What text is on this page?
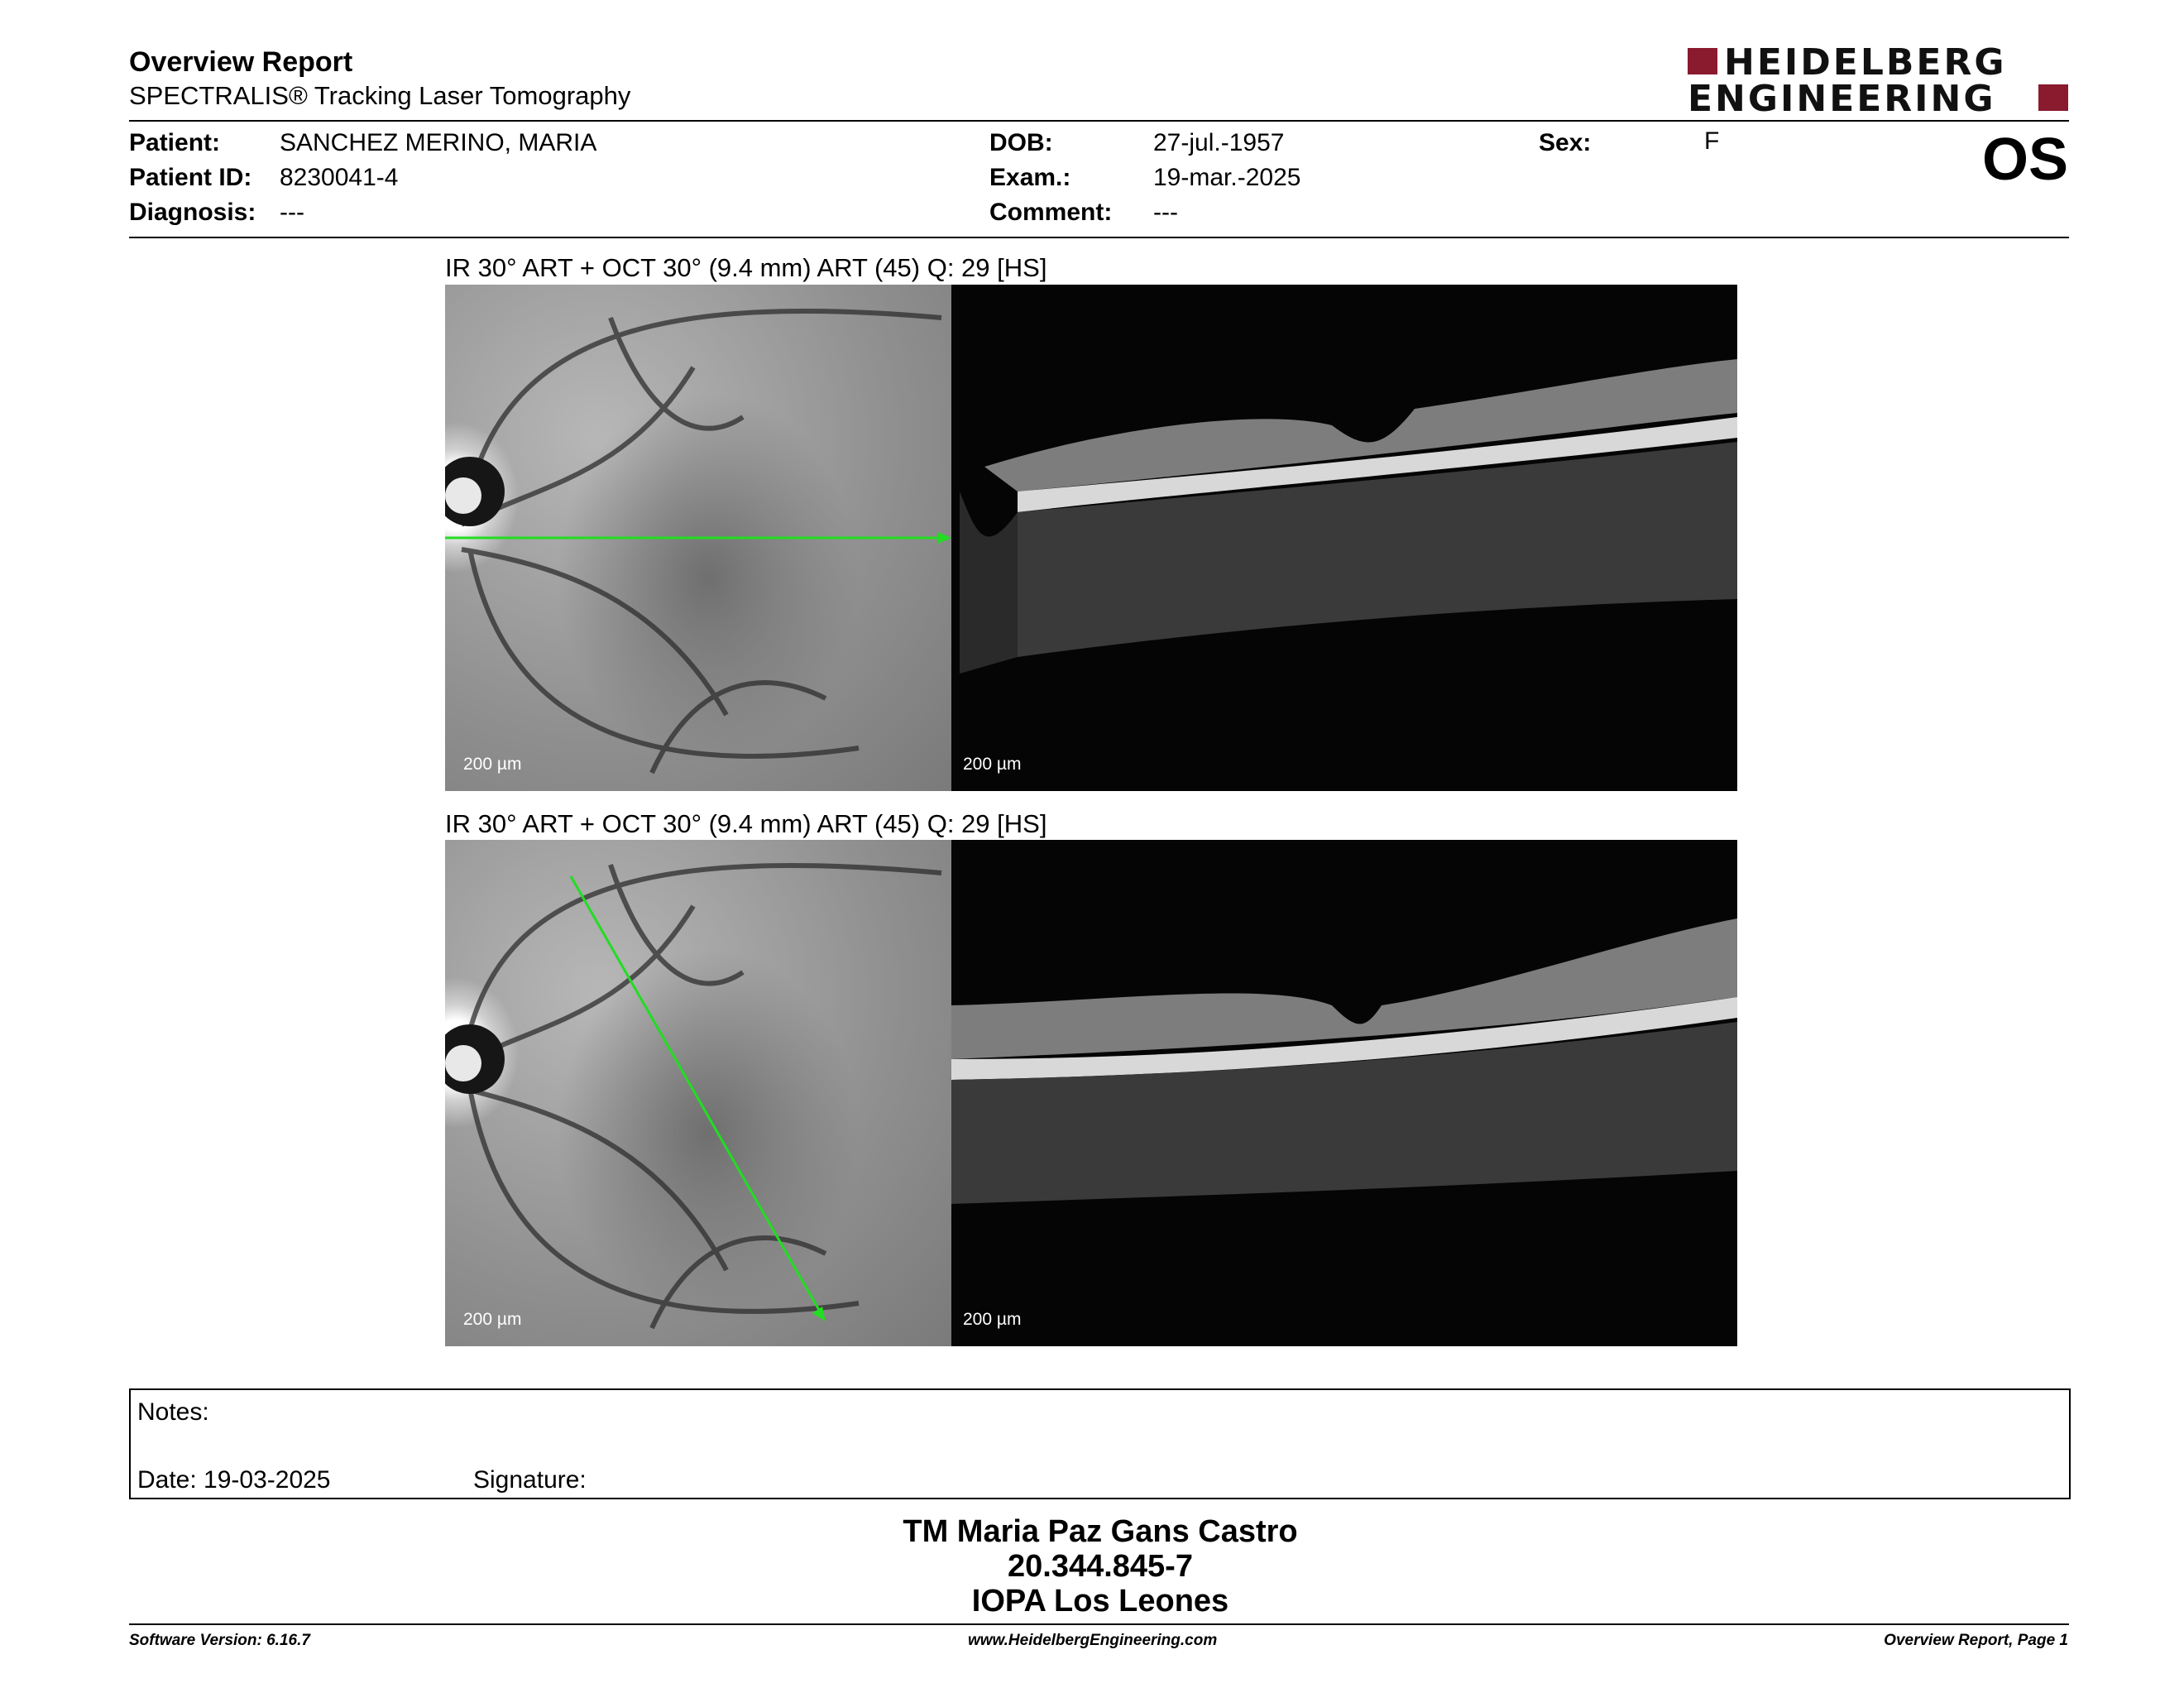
Overview Report
SPECTRALIS® Tracking Laser Tomography
HEIDELBERG
ENGINEERING
Patient: SANCHEZ MERINO, MARIA
Patient ID: 8230041-4
Diagnosis: ---
DOB:	27-jul.-1957
Exam.:	19-mar.-2025
Comment: ---
Sex:	F	OS
IR 30° ART + OCT 30° (9.4 mm) ART (45) Q: 29 [HS]
200 µm	200 µm
IR 30° ART + OCT 30° (9.4 mm) ART (45) Q: 29 [HS]
200 µm	200 µm
Notes:
Date: 19-03-2025	Signature:
TM Maria Paz Gans Castro
20.344.845-7
IOPA Los Leones
Software Version: 6.16.7	www.HeidelbergEngineering.com	Overview Report, Page 1
